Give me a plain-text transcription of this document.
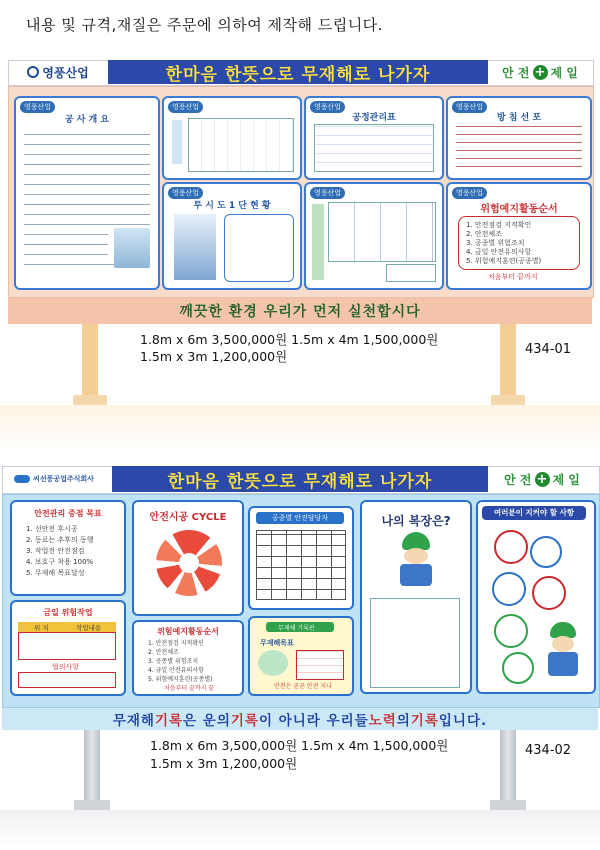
내용 및 규격,재질은 주문에 의하여 제작해 드립니다.
영풍산업	한마음 한뜻으로 무재해로 나가자	안 전 + 제 일
영풍산업
공 사 개 요
영풍산업	영풍산업
공정관리표
영풍산업
방 침 선 포
영풍산업
투 시 도 1 단 현 황
영풍산업	영풍산업
위험예지활동순서
1. 안전점검 지적확인
2. 안전체조
3. 공종별 위험조치
4. 금일 안전유의사항
5. 위험예지훈련(공종별)
처음부터 끝까지
깨끗한 환경 우리가 먼저 실천합시다
1.8m x 6m 3,500,000원 1.5m x 4m 1,500,000원
1.5m x 3m 1,200,000원	434-01
씨선풍공업주식회사	한마음 한뜻으로 무재해로 나가자	안 전 + 제 일
안전관리 중점 목표
1. 선안전 후시공
2. 동료는 추후의 동행
3. 작업전 안전점검
4. 보호구 착용 100%
5. 무재해 목표달성
안전시공 CYCLE	공종별 안전담당자	나의 복장은?
여러분이 지켜야 할 사항
금일 위험작업
위 치	작업내용
협의사항
위험예지활동순서
1. 안전점검 지적확인
2. 안전체조
3. 공종별 위험조치
4. 금일 안전유의사항
5. 위험예지훈련(공종별)
처음부터 끝까지 끝
무재해 기록판
무재해목표
안전은 곧곧 안전 지나
무재해 기록 은 운의 기록 이 아니라 우리들 노력 의 기록 입니다.
1.8m x 6m 3,500,000원 1.5m x 4m 1,500,000원
1.5m x 3m 1,200,000원
434-02
